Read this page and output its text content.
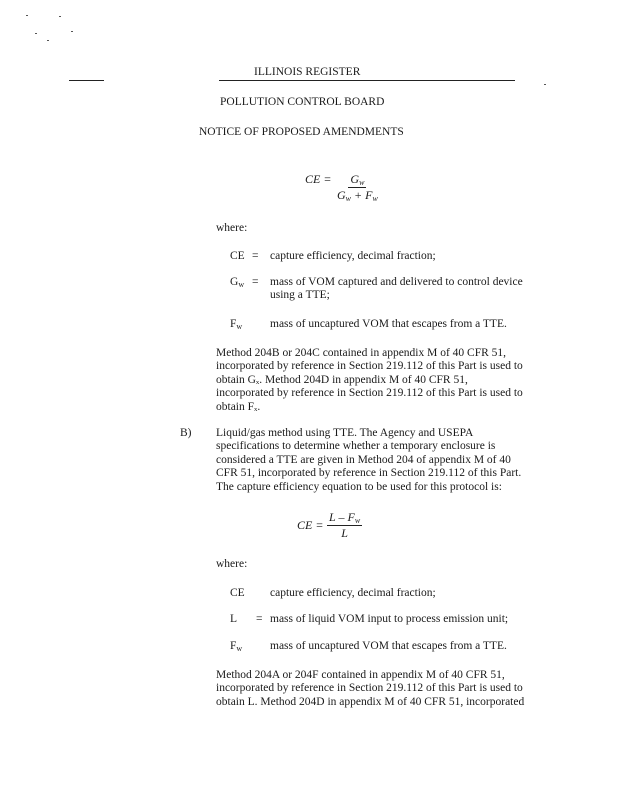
ILLINOIS REGISTER
POLLUTION CONTROL BOARD
NOTICE OF PROPOSED AMENDMENTS
CE = $\frac{G_w}{G_w + F_w}$
where:
CE = capture efficiency, decimal fraction;
$G_w$ = mass of VOM captured and delivered to control device
using a TTE;
$F_w$ mass of uncaptured VOM that escapes from a TTE.
Method 204B or 204C contained in appendix M of 40 CFR 51,
incorporated by reference in Section 219.112 of this Part is used to
obtain Gₓ. Method 204D in appendix M of 40 CFR 51,
incorporated by reference in Section 219.112 of this Part is used to
obtain Fₓ.
B) Liquid/gas method using TTE. The Agency and USEPA
specifications to determine whether a temporary enclosure is
considered a TTE are given in Method 204 of appendix M of 40
CFR 51, incorporated by reference in Section 219.112 of this Part.
The capture efficiency equation to be used for this protocol is:
CE = $\frac{L - F_w}{L}$
where:
CE capture efficiency, decimal fraction;
L = mass of liquid VOM input to process emission unit;
$F_w$ mass of uncaptured VOM that escapes from a TTE.
Method 204A or 204F contained in appendix M of 40 CFR 51,
incorporated by reference in Section 219.112 of this Part is used to
obtain L. Method 204D in appendix M of 40 CFR 51, incorporated
